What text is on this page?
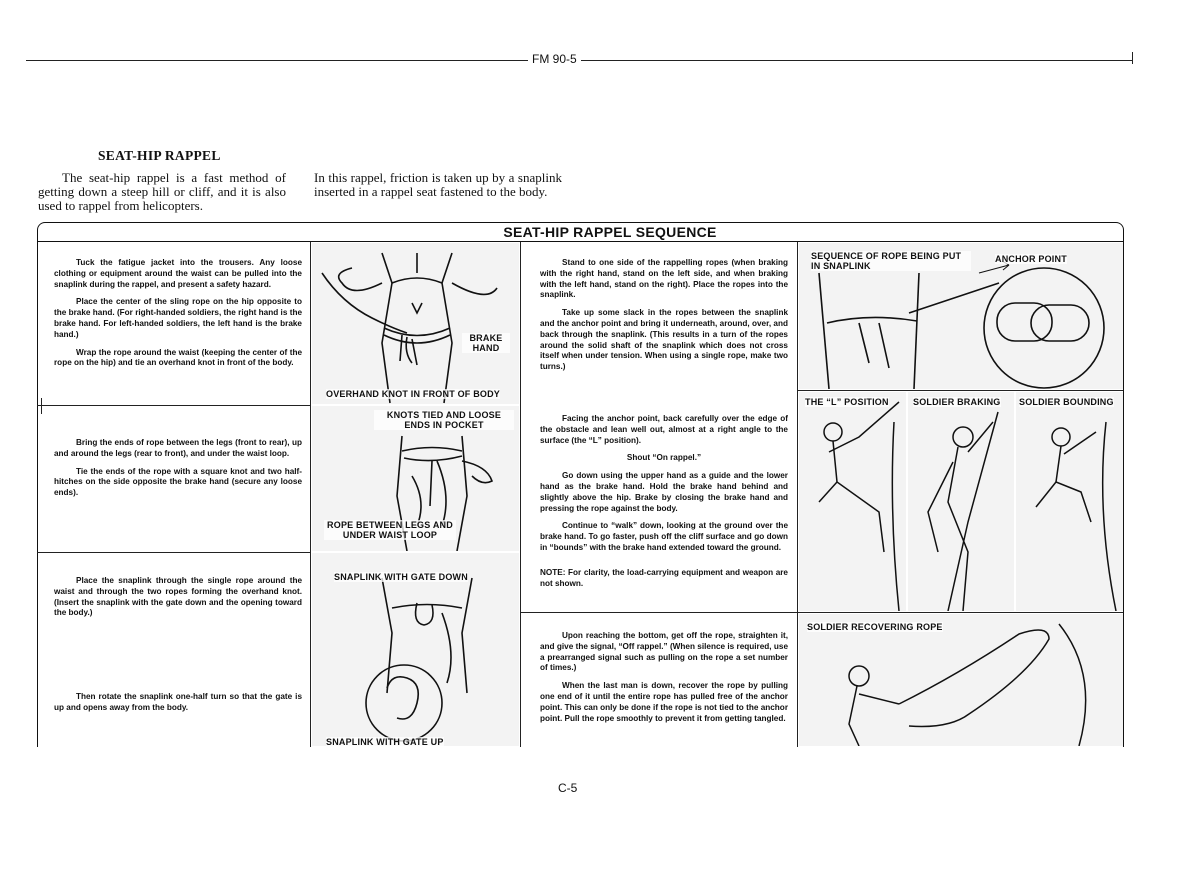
FM 90-5
SEAT-HIP RAPPEL
The seat-hip rappel is a fast method of getting down a steep hill or cliff, and it is also used to rappel from helicopters.
In this rappel, friction is taken up by a snaplink inserted in a rappel seat fastened to the body.
SEAT-HIP RAPPEL SEQUENCE

Tuck the fatigue jacket into the trousers. Any loose clothing or equipment around the waist can be pulled into the snaplink during the rappel, and present a safety hazard.

Place the center of the sling rope on the hip opposite to the brake hand. (For right-handed soldiers, the right hand is the brake hand. For left-handed soldiers, the left hand is the brake hand.)

Wrap the rope around the waist (keeping the center of the rope on the hip) and tie an overhand knot in front of the body.

BRAKE HAND
OVERHAND KNOT IN FRONT OF BODY

Bring the ends of rope between the legs (front to rear), up and around the legs (rear to front), and under the waist loop.

Tie the ends of the rope with a square knot and two half-hitches on the side opposite the brake hand (secure any loose ends).

KNOTS TIED AND LOOSE ENDS IN POCKET
ROPE BETWEEN LEGS AND UNDER WAIST LOOP

Place the snaplink through the single rope around the waist and through the two ropes forming the overhand knot. (Insert the snaplink with the gate down and the opening toward the body.)

Then rotate the snaplink one-half turn so that the gate is up and opens away from the body.

SNAPLINK WITH GATE DOWN
SNAPLINK WITH GATE UP

Stand to one side of the rappelling ropes (when braking with the right hand, stand on the left side, and when braking with the left hand, stand on the right). Place the ropes into the snaplink.

Take up some slack in the ropes between the snaplink and the anchor point and bring it underneath, around, over, and back through the snaplink. (This results in a turn of the ropes around the solid shaft of the snaplink which does not cross itself when under tension. When using a single rope, make two turns.)

SEQUENCE OF ROPE BEING PUT IN SNAPLINK
ANCHOR POINT

Facing the anchor point, back carefully over the edge of the obstacle and lean well out, almost at a right angle to the surface (the “L” position).

Shout “On rappel.”

Go down using the upper hand as a guide and the lower hand as the brake hand. Hold the brake hand behind and slightly above the hip. Brake by closing the brake hand and pressing the rope against the body.

Continue to “walk” down, looking at the ground over the brake hand. To go faster, push off the cliff surface and go down in “bounds” with the brake hand extended toward the ground.

NOTE: For clarity, the load-carrying equipment and weapon are not shown.

THE “L” POSITION	SOLDIER BRAKING SOLDIER BOUNDING

Upon reaching the bottom, get off the rope, straighten it, and give the signal, “Off rappel.” (When silence is required, use a prearranged signal such as pulling on the rope a set number of times.)

When the last man is down, recover the rope by pulling one end of it until the entire rope has pulled free of the anchor point. This can only be done if the rope is not tied to the anchor point. Pull the rope smoothly to prevent it from getting tangled.

SOLDIER RECOVERING ROPE
C-5
